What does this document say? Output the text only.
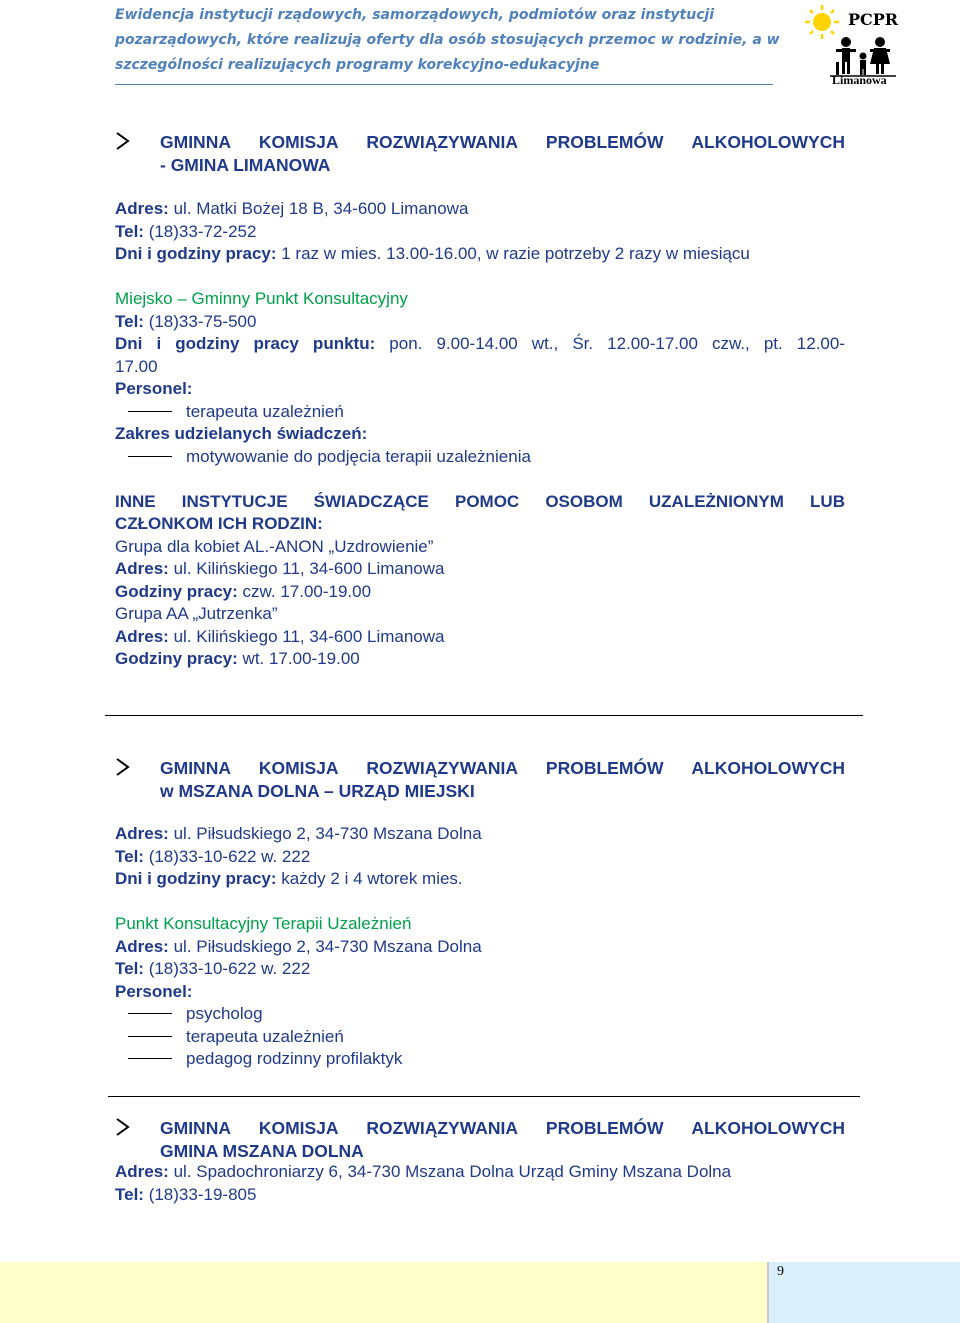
Ewidencja instytucji rządowych, samorządowych, podmiotów oraz instytucji
pozarządowych, które realizują oferty dla osób stosujących przemoc w rodzinie, a w
szczególności realizujących programy korekcyjno-edukacyjne
PCPR
Limanowa
GMINNA KOMISJA ROZWIĄZYWANIA PROBLEMÓW ALKOHOLOWYCH
- GMINA LIMANOWA
Adres: ul. Matki Bożej 18 B, 34-600 Limanowa
Tel: (18)33-72-252
Dni i godziny pracy: 1 raz w mies. 13.00-16.00, w razie potrzeby 2 razy w miesiącu
Miejsko – Gminny Punkt Konsultacyjny
Tel: (18)33-75-500
Dni i godziny pracy punktu: pon. 9.00-14.00 wt., Śr. 12.00-17.00 czw., pt. 12.00-
17.00
Personel:
terapeuta uzależnień
Zakres udzielanych świadczeń:
motywowanie do podjęcia terapii uzależnienia
INNE INSTYTUCJE ŚWIADCZĄCE POMOC OSOBOM UZALEŻNIONYM LUB
CZŁONKOM ICH RODZIN:
Grupa dla kobiet AL.-ANON „Uzdrowienie”
Adres: ul. Kilińskiego 11, 34-600 Limanowa
Godziny pracy: czw. 17.00-19.00
Grupa AA „Jutrzenka”
Adres: ul. Kilińskiego 11, 34-600 Limanowa
Godziny pracy: wt. 17.00-19.00
GMINNA KOMISJA ROZWIĄZYWANIA PROBLEMÓW ALKOHOLOWYCH
w MSZANA DOLNA – URZĄD MIEJSKI
Adres: ul. Piłsudskiego 2, 34-730 Mszana Dolna
Tel: (18)33-10-622 w. 222
Dni i godziny pracy: każdy 2 i 4 wtorek mies.
Punkt Konsultacyjny Terapii Uzależnień
Adres: ul. Piłsudskiego 2, 34-730 Mszana Dolna
Tel: (18)33-10-622 w. 222
Personel:
psycholog
terapeuta uzależnień
pedagog rodzinny profilaktyk
GMINNA KOMISJA ROZWIĄZYWANIA PROBLEMÓW ALKOHOLOWYCH
GMINA MSZANA DOLNA
Adres: ul. Spadochroniarzy 6, 34-730 Mszana Dolna Urząd Gminy Mszana Dolna
Tel: (18)33-19-805
9
